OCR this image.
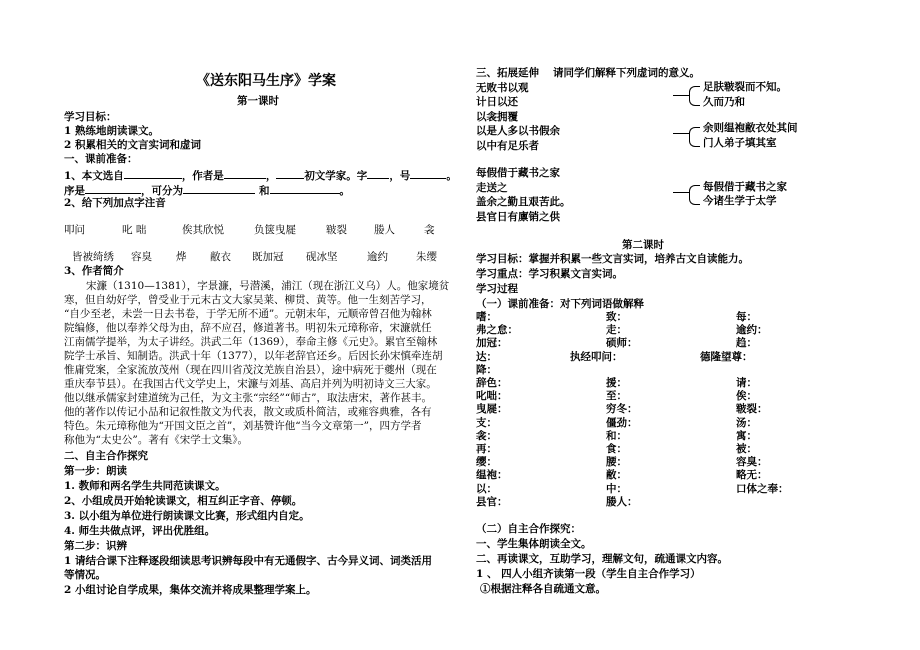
《送东阳马生序》学案
第一课时
学习目标：
1 熟练地朗读课文。
2 积累相关的文言实词和虚词
一、课前准备：
1、本文选自	，作者是	，	初文学家。字 ，号	。
序是	，可分为	和	。
2、给下列加点字注音
叩问	叱 咄	俟其欣悦	负箧曳屣	皲裂	媵人	衾
皆被绮绣 容臭 烨 敝衣 既加冠 砚冰坚	逾约	朱缨
3、作者简介
宋濂（1310—1381），字景濂，号潜溪，浦江（现在浙江义乌）人。他家境贫
寒，但自幼好学，曾受业于元末古文大家吴莱、柳贯、黄等。他一生刻苦学习，
“自少至老，未尝一日去书卷，于学无所不通”。元朝末年，元顺帝曾召他为翰林
院编修，他以奉养父母为由，辞不应召，修道著书。明初朱元璋称帝，宋濂就任
江南儒学提举，为太子讲经。洪武二年（1369），奉命主修《元史》。累官至翰林
院学士承旨、知制诰。洪武十年（1377），以年老辞官还乡。后因长孙宋慎牵连胡
惟庸党案，全家流放茂州（现在四川省茂汶羌族自治县），途中病死于夔州（现在
重庆奉节县）。在我国古代文学史上，宋濂与刘基、高启并列为明初诗文三大家。
他以继承儒家封建道统为己任，为文主张“宗经”“师古”，取法唐宋，著作甚丰。
他的著作以传记小品和记叙性散文为代表，散文或质朴简洁，或雍容典雅，各有
特色。朱元璋称他为“开国文臣之首”，刘基赞许他“当今文章第一”，四方学者
称他为“太史公”。著有《宋学士文集》。
二、自主合作探究
第一步：朗读
1. 教师和两名学生共同范读课文。
2、小组成员开始轮读课文，相互纠正字音、停顿。
3. 以小组为单位进行朗读课文比赛，形式组内自定。
4. 师生共做点评，评出优胜组。
第二步：识辨
1 请结合课下注释逐段细读思考识辨每段中有无通假字、古今异义词、词类活用
等情况。
2 小组讨论自学成果，集体交流并将成果整理学案上。
三、拓展延伸 请同学们解释下列虚词的意义。
无败书以观
计日以还
以衾拥覆
以是人多以书假余
以中有足乐者
足肤皲裂而不知。
久而乃和
余则缊袍敝衣处其间
门人弟子填其室
每假借于藏书之家
走送之
盖余之勤且艰苦此。
县官日有廪销之供
每假借于藏书之家
今诸生学于太学
第二课时
学习目标：掌握并积累一些文言实词，培养古文自读能力。
学习重点：学习积累文言实词。
学习过程
（一）课前准备：对下列词语做解释
嗜：	致：	每：
弗之怠：	走：	逾约：
加冠：	硕师：	趋：
达：	执经叩问：	德隆望尊：
降：
辞色：	援：	请：
叱咄：	至：	俟：
曳屣：	穷冬：	皲裂：
支：	僵劲：	汤：
衾：	和：	寓：
再：	食：	被：
缨：	腰：	容臭：
缊袍：	敝：	略无：
以：	中：	口体之奉：
县官：	媵人：
（二）自主合作探究：
一、学生集体朗读全文。
二、再读课文，互助学习，理解文句，疏通课文内容。
1 、 四人小组齐读第一段（学生自主合作学习）
①根据注释各自疏通文意。
